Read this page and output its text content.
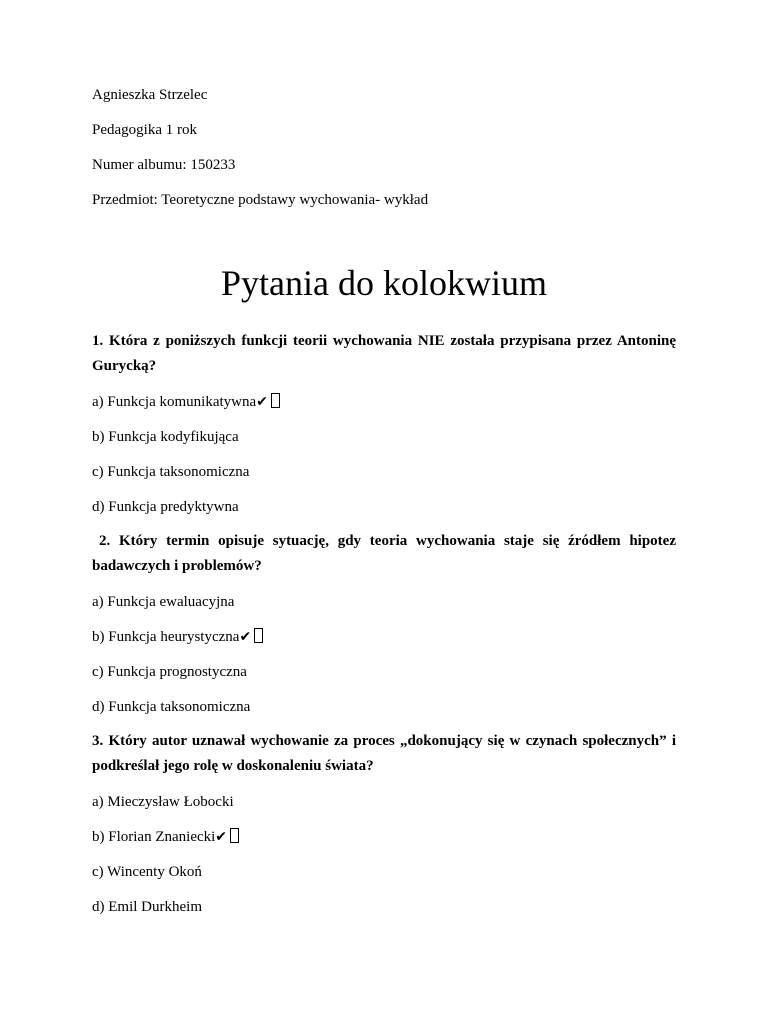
Agnieszka Strzelec
Pedagogika 1 rok
Numer albumu: 150233
Przedmiot: Teoretyczne podstawy wychowania- wykład
Pytania do kolokwium
1. Która z poniższych funkcji teorii wychowania NIE została przypisana przez Antoninę
Gurycką?
a) Funkcja komunikatywna✔
b) Funkcja kodyfikująca
c) Funkcja taksonomiczna
d) Funkcja predyktywna
2. Który termin opisuje sytuację, gdy teoria wychowania staje się źródłem hipotez
badawczych i problemów?
a) Funkcja ewaluacyjna
b) Funkcja heurystyczna✔
c) Funkcja prognostyczna
d) Funkcja taksonomiczna
3. Który autor uznawał wychowanie za proces „dokonujący się w czynach społecznych” i
podkreślał jego rolę w doskonaleniu świata?
a) Mieczysław Łobocki
b) Florian Znaniecki✔
c) Wincenty Okoń
d) Emil Durkheim
